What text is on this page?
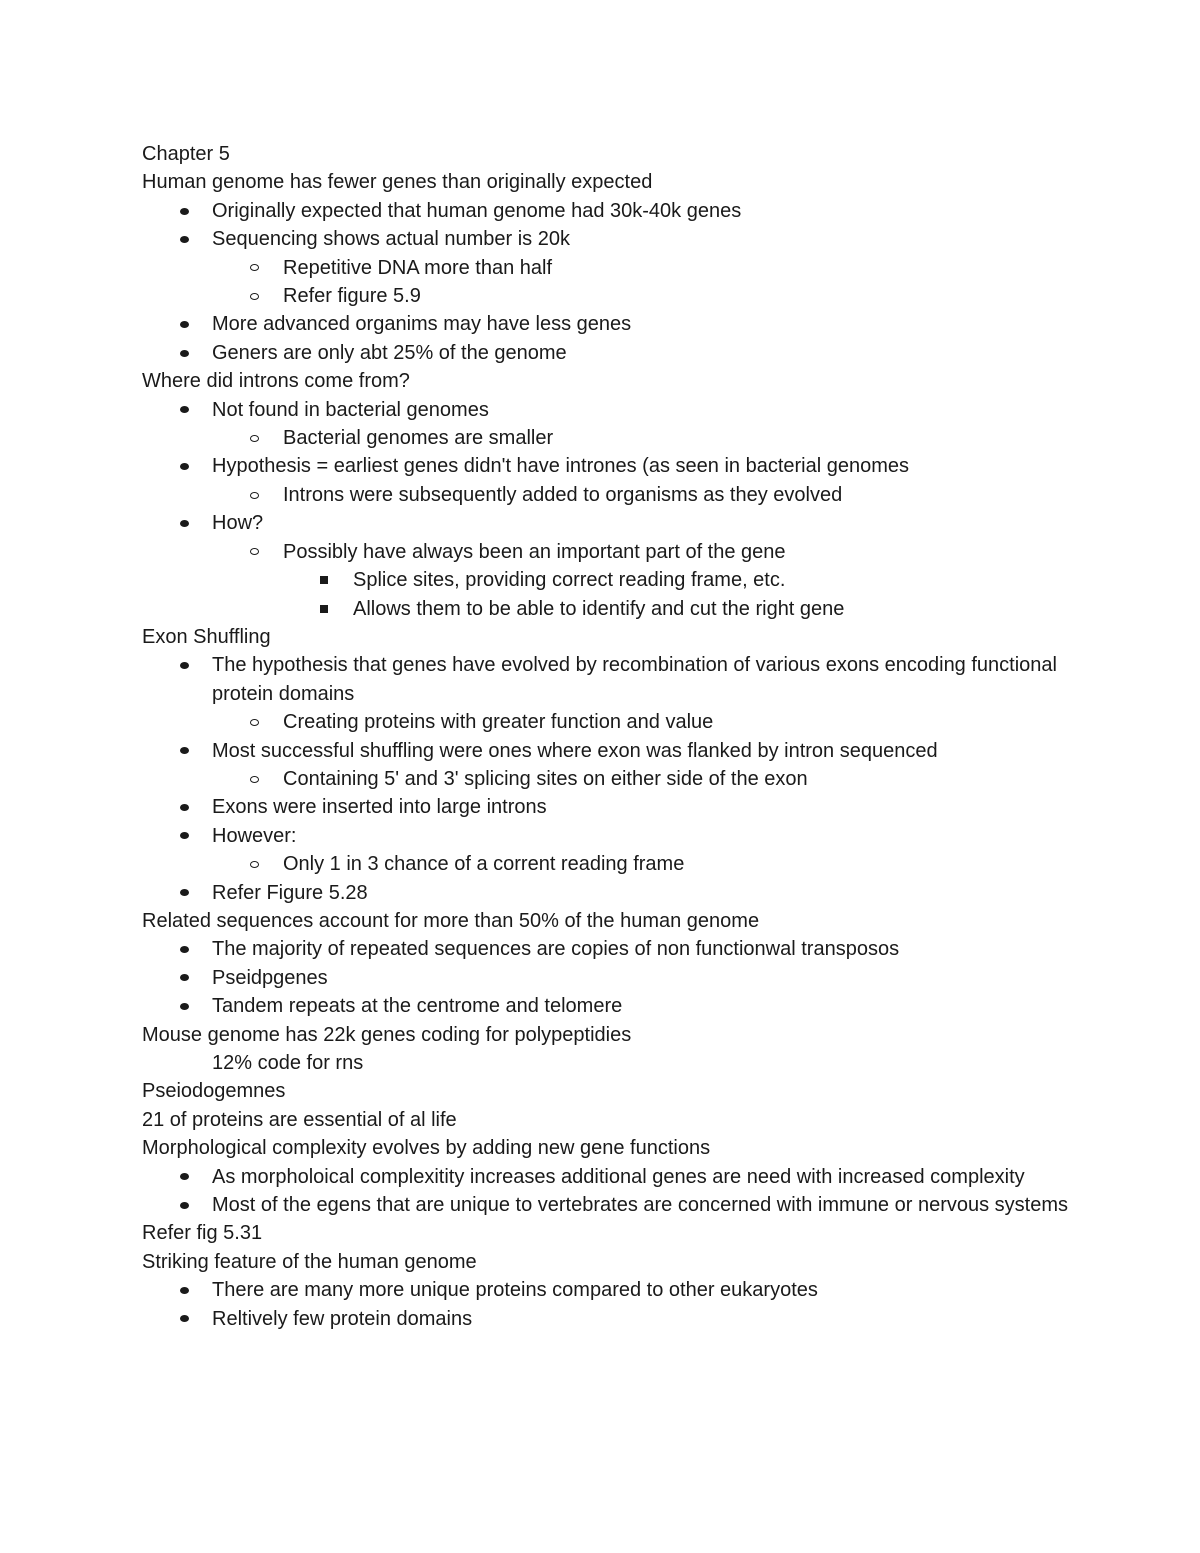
Chapter 5
Human genome has fewer genes than originally expected
Originally expected that human genome had 30k-40k genes
Sequencing shows actual number is 20k
Repetitive DNA more than half
Refer figure 5.9
More advanced organims may have less genes
Geners are only abt 25% of the genome
Where did introns come from?
Not found in bacterial genomes
Bacterial genomes are smaller
Hypothesis = earliest genes didn't have intrones (as seen in bacterial genomes
Introns were subsequently added to organisms as they evolved
How?
Possibly have always been an important part of the gene
Splice sites, providing correct reading frame, etc.
Allows them to be able to identify and cut the right gene
Exon Shuffling
The hypothesis that genes have evolved by recombination of various exons encoding functional protein domains
Creating proteins with greater function and value
Most successful shuffling were ones where exon was flanked by intron sequenced
Containing 5' and 3' splicing sites on either side of the exon
Exons were inserted into large introns
However:
Only 1 in 3 chance of a corrent reading frame
Refer Figure 5.28
Related sequences account for more than 50% of the human genome
The majority of repeated sequences are copies of non functionwal transposos
Pseidpgenes
Tandem repeats at the centrome and telomere
Mouse genome has 22k genes coding for polypeptidies
12% code for rns
Pseiodogemnes
21 of proteins are essential of al life
Morphological complexity evolves by adding new gene functions
As morpholoical complexitity increases additional genes are need with increased complexity
Most of the egens that are unique to vertebrates are concerned with immune or nervous systems
Refer fig 5.31
Striking feature of the human genome
There are many more unique proteins compared to other eukaryotes
Reltively few protein domains
